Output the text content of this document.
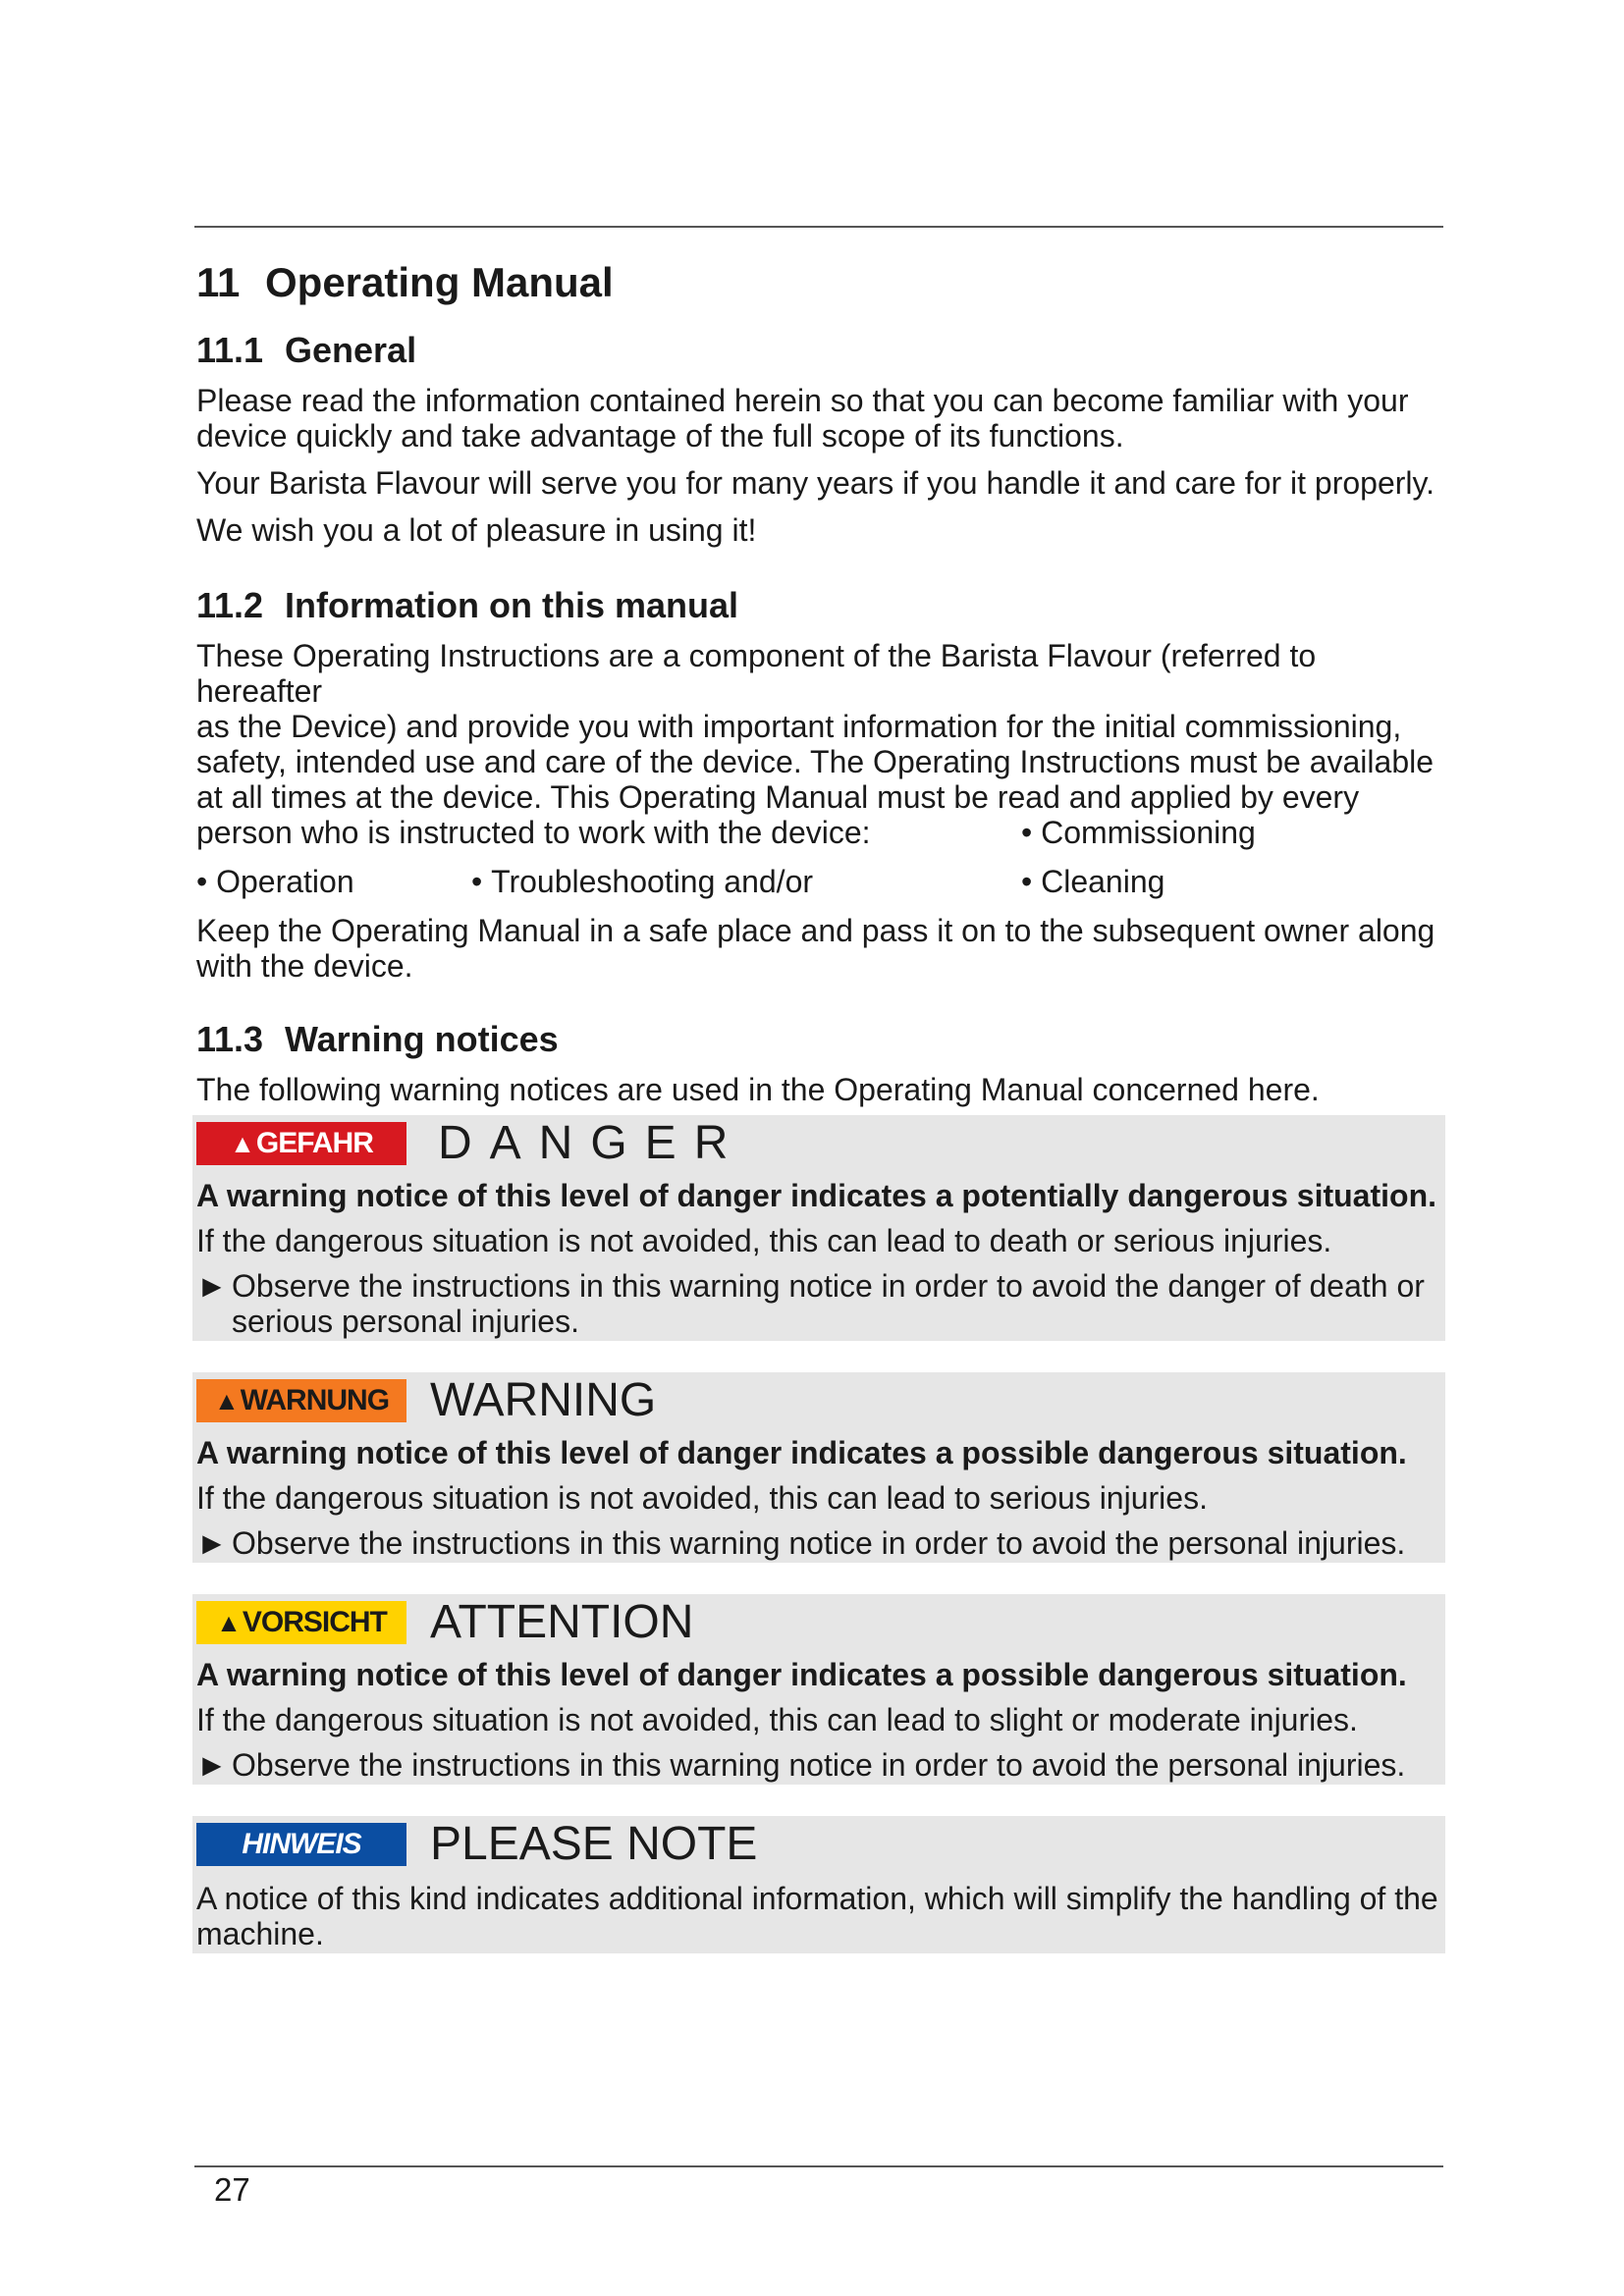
11 Operating Manual
11.1 General

Please read the information contained herein so that you can become familiar with your device quickly and take advantage of the full scope of its functions.

Your Barista Flavour will serve you for many years if you handle it and care for it properly.

We wish you a lot of pleasure in using it!

11.2 Information on this manual

These Operating Instructions are a component of the Barista Flavour (referred to hereafter

as the Device) and provide you with important information for the initial commissioning,

safety, intended use and care of the device. The Operating Instructions must be available

at all times at the device. This Operating Manual must be read and applied by every

person who is instructed to work with the device:	• Commissioning
• Operation	• Troubleshooting and/or	• Cleaning

Keep the Operating Manual in a safe place and pass it on to the subsequent owner along with the device.

11.3 Warning notices

The following warning notices are used in the Operating Manual concerned here.

▲ GEFAHR DANGER
A warning notice of this level of danger indicates a potentially dangerous situation.

If the dangerous situation is not avoided, this can lead to death or serious injuries.

► Observe the instructions in this warning notice in order to avoid the danger of death or serious personal injuries.
▲ WARNUNG WARNING
A warning notice of this level of danger indicates a possible dangerous situation.

If the dangerous situation is not avoided, this can lead to serious injuries.

► Observe the instructions in this warning notice in order to avoid the personal injuries.
▲ VORSICHT ATTENTION
A warning notice of this level of danger indicates a possible dangerous situation.

If the dangerous situation is not avoided, this can lead to slight or moderate injuries.

► Observe the instructions in this warning notice in order to avoid the personal injuries.
HINWEIS PLEASE NOTE

A notice of this kind indicates additional information, which will simplify the handling of the machine.

27
